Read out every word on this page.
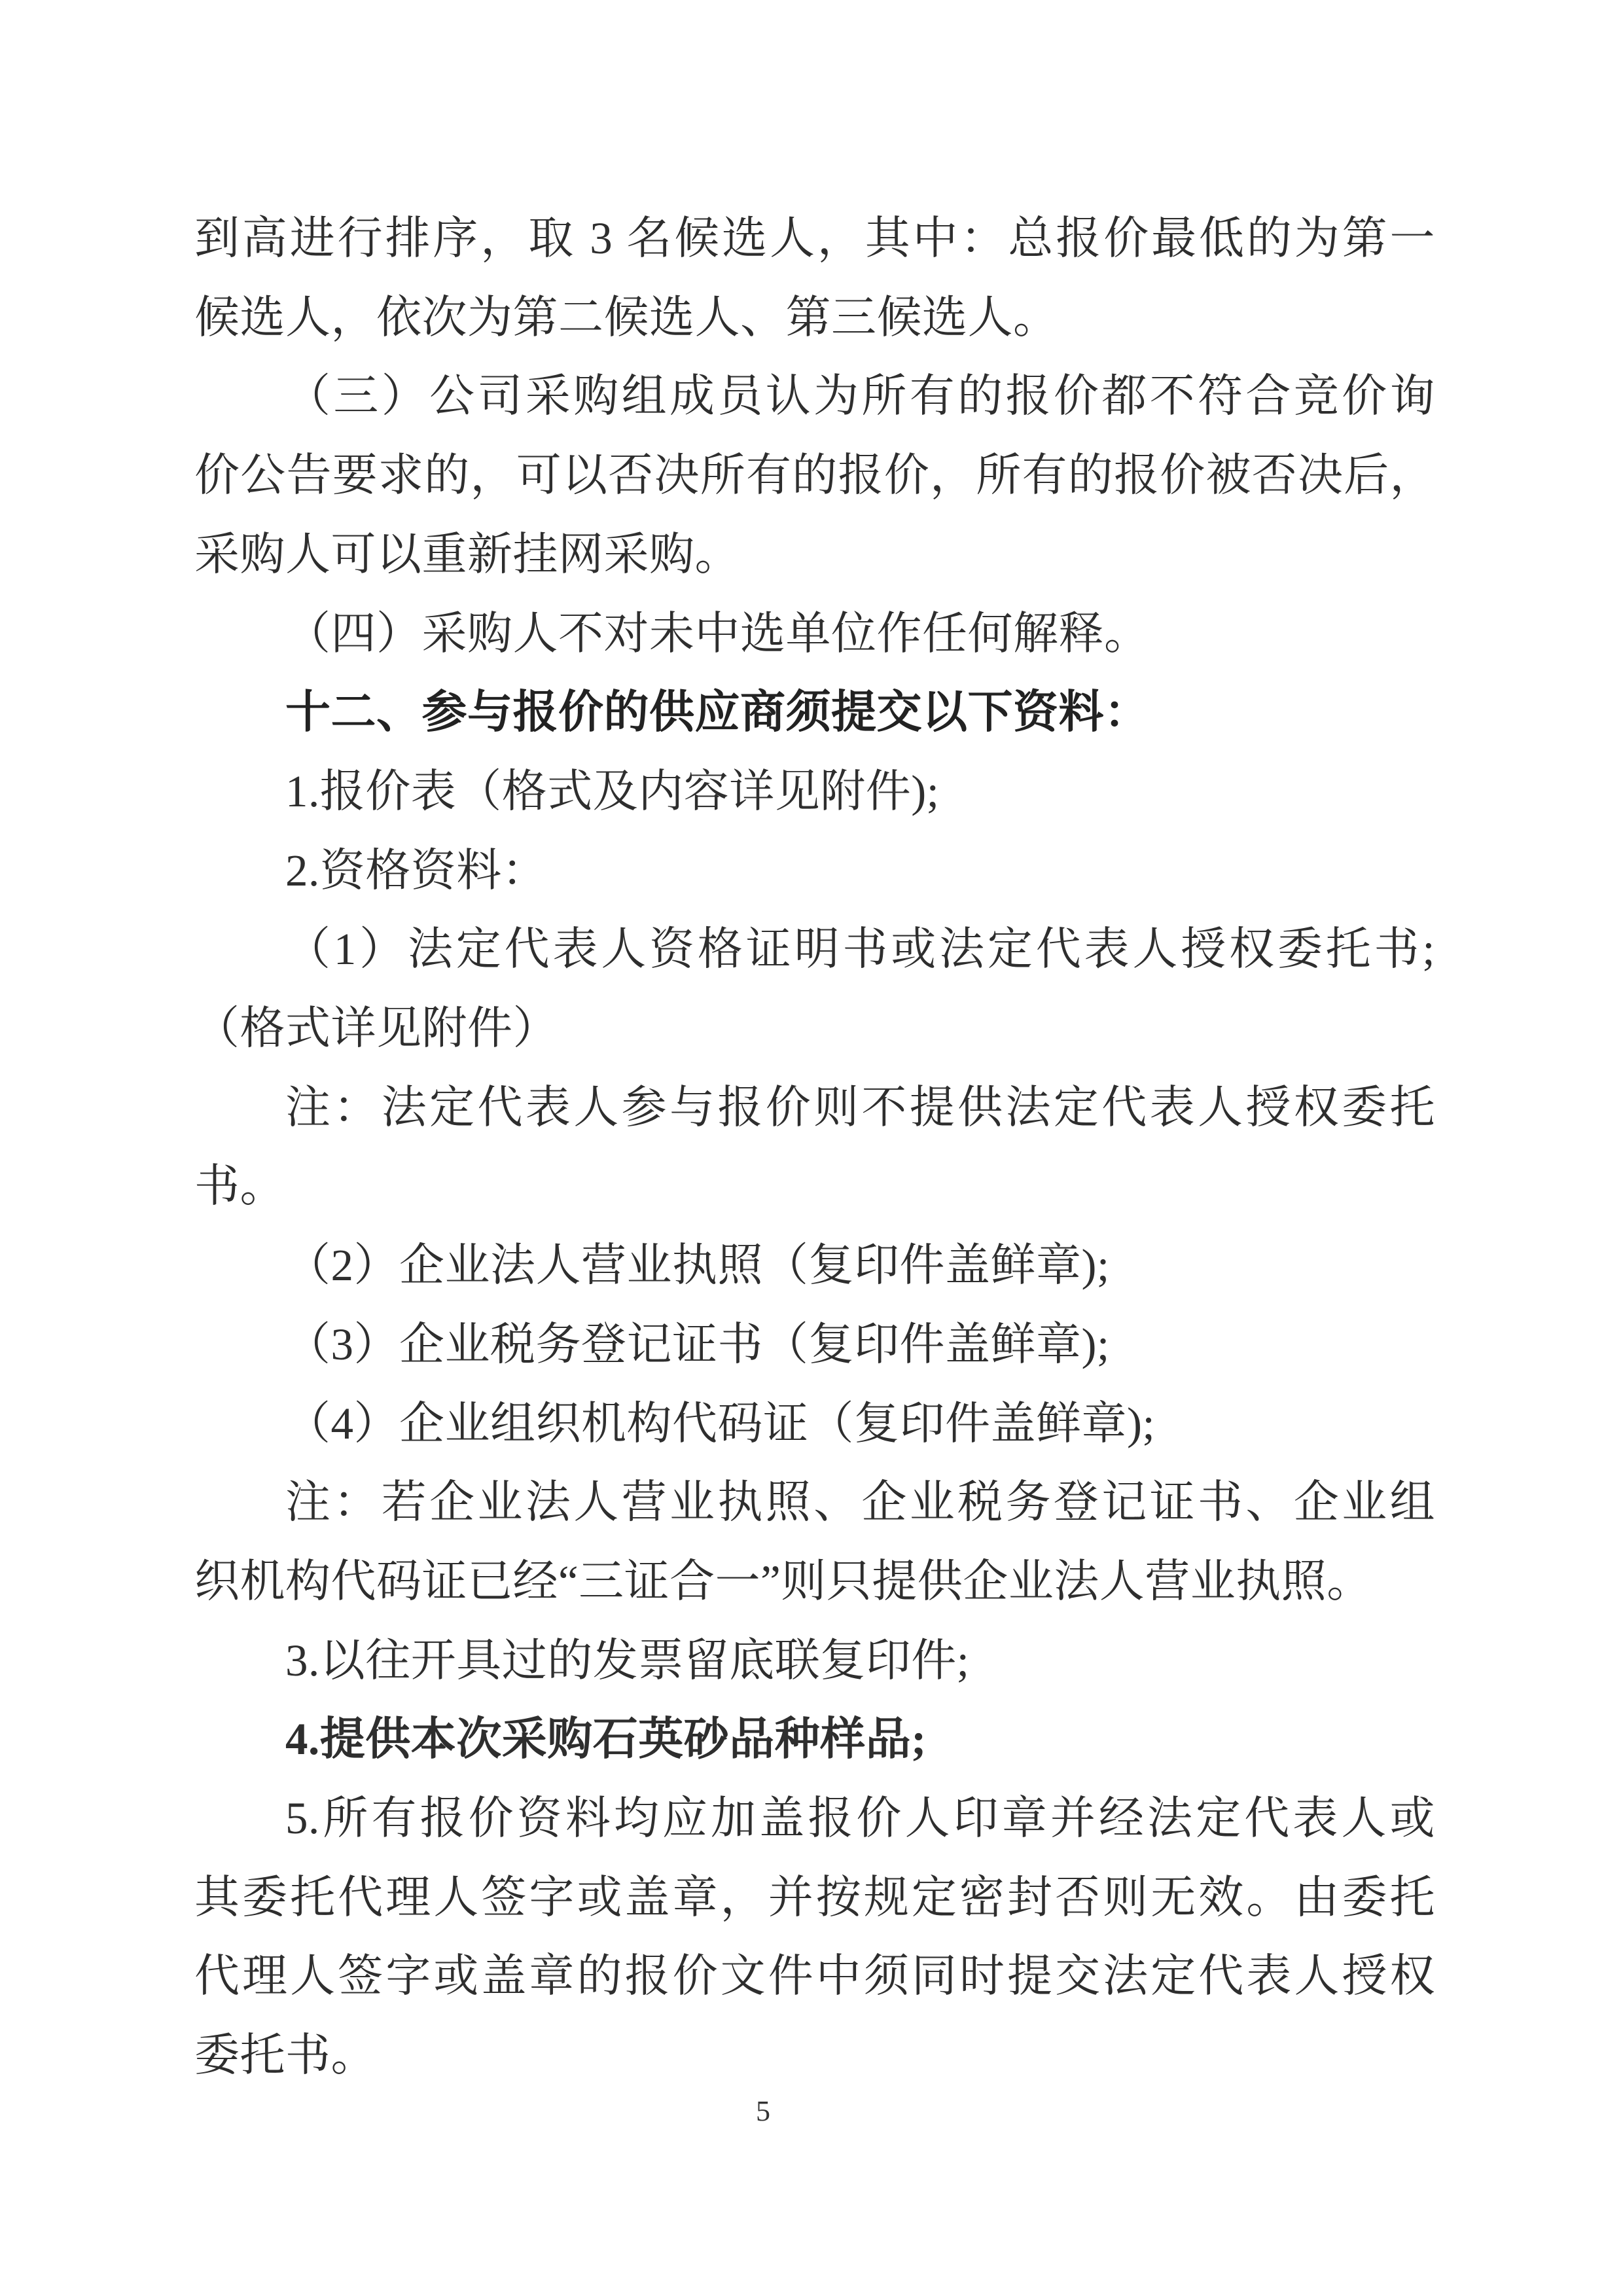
到高进行排序，取 3 名候选人，其中：总报价最低的为第一
候选人，依次为第二候选人、第三候选人。
（三）公司采购组成员认为所有的报价都不符合竞价询
价公告要求的，可以否决所有的报价，所有的报价被否决后，
采购人可以重新挂网采购。
（四）采购人不对未中选单位作任何解释。
十二、参与报价的供应商须提交以下资料：
1.报价表（格式及内容详见附件);
2.资格资料：
（1）法定代表人资格证明书或法定代表人授权委托书;
（格式详见附件）
注：法定代表人参与报价则不提供法定代表人授权委托
书。
（2）企业法人营业执照（复印件盖鲜章);
（3）企业税务登记证书（复印件盖鲜章);
（4）企业组织机构代码证（复印件盖鲜章);
注：若企业法人营业执照、企业税务登记证书、企业组
织机构代码证已经“三证合一”则只提供企业法人营业执照。
3.以往开具过的发票留底联复印件;
4.提供本次采购石英砂品种样品;
5.所有报价资料均应加盖报价人印章并经法定代表人或
其委托代理人签字或盖章，并按规定密封否则无效。由委托
代理人签字或盖章的报价文件中须同时提交法定代表人授权
委托书。
5
